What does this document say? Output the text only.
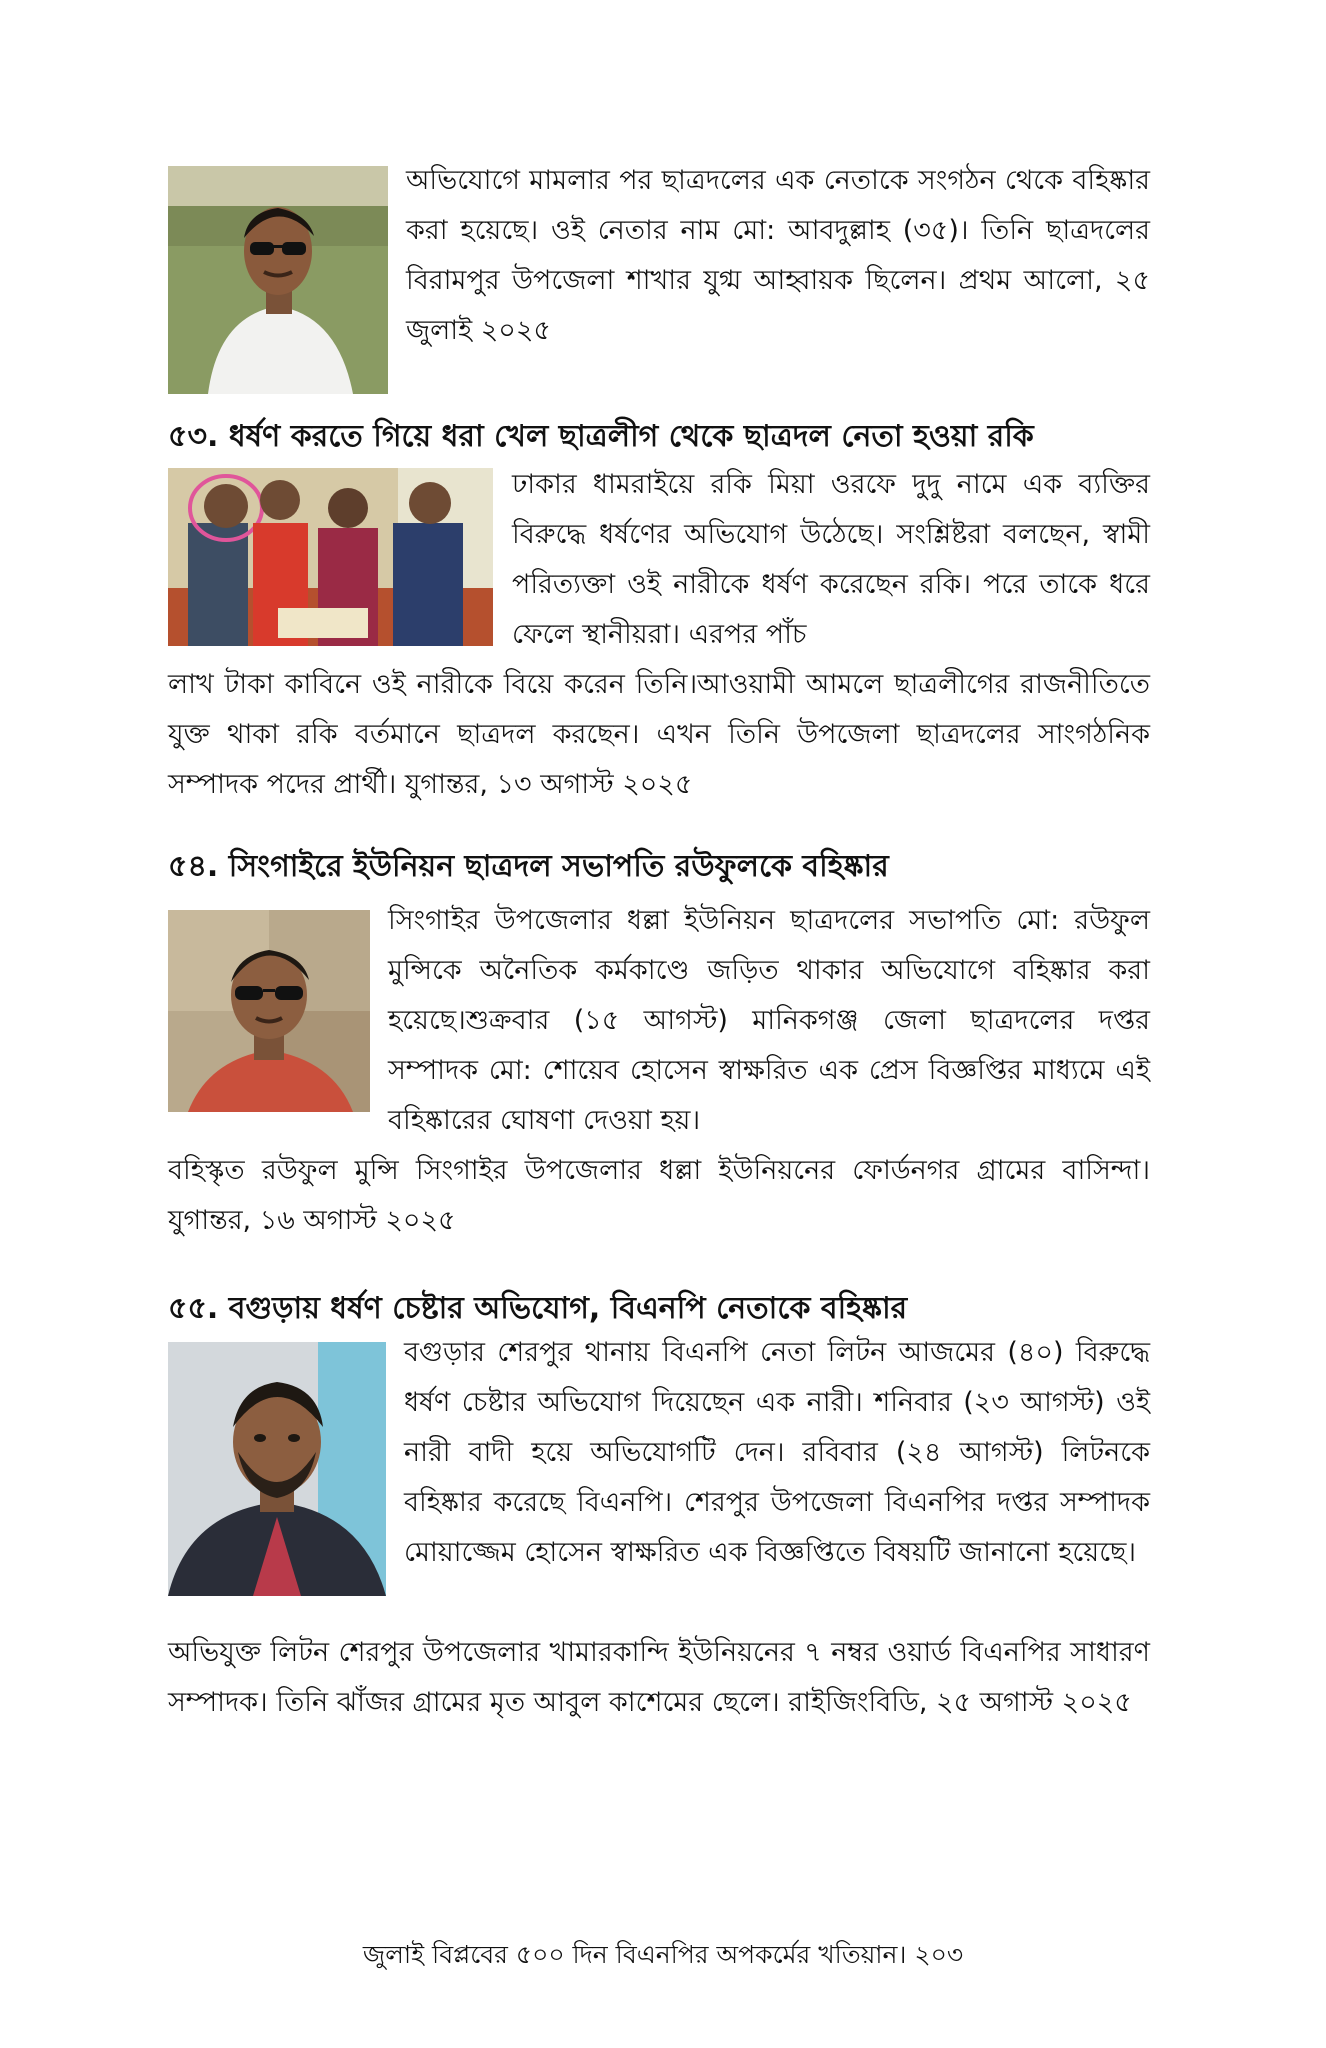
অভিযোগে মামলার পর ছাত্রদলের এক নেতাকে সংগঠন থেকে বহিষ্কার করা হয়েছে। ওই নেতার নাম মো: আবদুল্লাহ (৩৫)। তিনি ছাত্রদলের বিরামপুর উপজেলা শাখার যুগ্ম আহ্বায়ক ছিলেন। প্রথম আলো, ২৫ জুলাই ২০২৫
৫৩. ধর্ষণ করতে গিয়ে ধরা খেল ছাত্রলীগ থেকে ছাত্রদল নেতা হওয়া রকি
ঢাকার ধামরাইয়ে রকি মিয়া ওরফে দুদু নামে এক ব্যক্তির বিরুদ্ধে ধর্ষণের অভিযোগ উঠেছে। সংশ্লিষ্টরা বলছেন, স্বামী পরিত্যক্তা ওই নারীকে ধর্ষণ করেছেন রকি। পরে তাকে ধরে ফেলে স্থানীয়রা। এরপর পাঁচ
লাখ টাকা কাবিনে ওই নারীকে বিয়ে করেন তিনি।আওয়ামী আমলে ছাত্রলীগের রাজনীতিতে যুক্ত থাকা রকি বর্তমানে ছাত্রদল করছেন। এখন তিনি উপজেলা ছাত্রদলের সাংগঠনিক সম্পাদক পদের প্রার্থী। যুগান্তর, ১৩ অগাস্ট ২০২৫
৫৪. সিংগাইরে ইউনিয়ন ছাত্রদল সভাপতি রউফুলকে বহিষ্কার
সিংগাইর উপজেলার ধল্লা ইউনিয়ন ছাত্রদলের সভাপতি মো: রউফুল মুন্সিকে অনৈতিক কর্মকাণ্ডে জড়িত থাকার অভিযোগে বহিষ্কার করা হয়েছে।শুক্রবার (১৫ আগস্ট) মানিকগঞ্জ জেলা ছাত্রদলের দপ্তর সম্পাদক মো: শোয়েব হোসেন স্বাক্ষরিত এক প্রেস বিজ্ঞপ্তির মাধ্যমে এই বহিষ্কারের ঘোষণা দেওয়া হয়।
বহিস্কৃত রউফুল মুন্সি সিংগাইর উপজেলার ধল্লা ইউনিয়নের ফোর্ডনগর গ্রামের বাসিন্দা। যুগান্তর, ১৬ অগাস্ট ২০২৫
৫৫. বগুড়ায় ধর্ষণ চেষ্টার অভিযোগ, বিএনপি নেতাকে বহিষ্কার
বগুড়ার শেরপুর থানায় বিএনপি নেতা লিটন আজমের (৪০) বিরুদ্ধে ধর্ষণ চেষ্টার অভিযোগ দিয়েছেন এক নারী। শনিবার (২৩ আগস্ট) ওই নারী বাদী হয়ে অভিযোগটি দেন। রবিবার (২৪ আগস্ট) লিটনকে বহিষ্কার করেছে বিএনপি। শেরপুর উপজেলা বিএনপির দপ্তর সম্পাদক মোয়াজ্জেম হোসেন স্বাক্ষরিত এক বিজ্ঞপ্তিতে বিষয়টি জানানো হয়েছে।
অভিযুক্ত লিটন শেরপুর উপজেলার খামারকান্দি ইউনিয়নের ৭ নম্বর ওয়ার্ড বিএনপির সাধারণ সম্পাদক। তিনি ঝাঁজর গ্রামের মৃত আবুল কাশেমের ছেলে। রাইজিংবিডি, ২৫ অগাস্ট ২০২৫
জুলাই বিপ্লবের ৫০০ দিন বিএনপির অপকর্মের খতিয়ান। ২০৩
